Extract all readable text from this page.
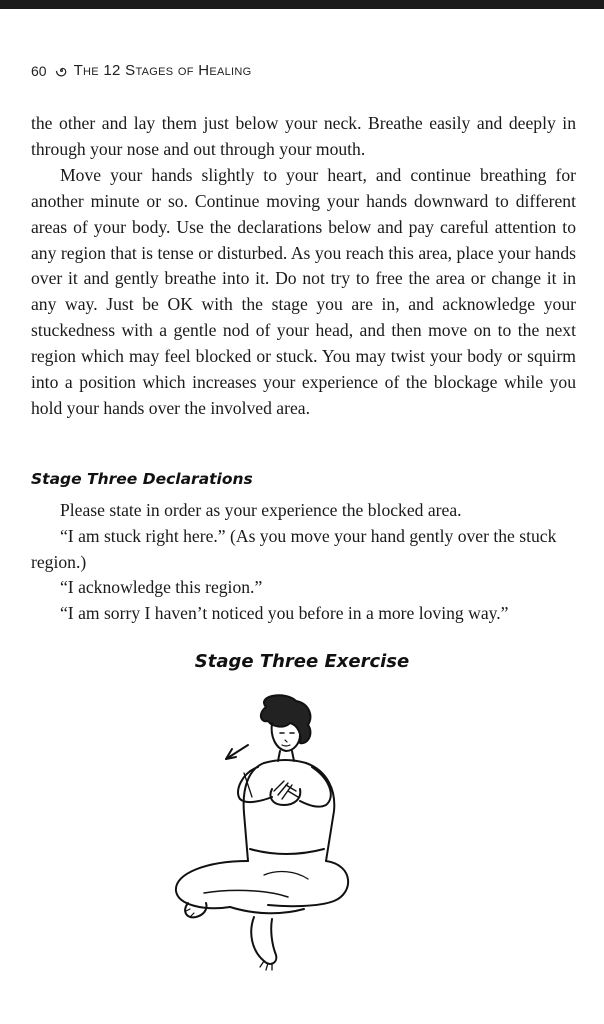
60 The 12 Stages of Healing

the other and lay them just below your neck. Breathe easily and deeply in through your nose and out through your mouth.

Move your hands slightly to your heart, and continue breathing for another minute or so. Continue moving your hands downward to different areas of your body. Use the declarations below and pay careful attention to any region that is tense or disturbed. As you reach this area, place your hands over it and gently breathe into it. Do not try to free the area or change it in any way. Just be OK with the stage you are in, and acknowledge your stuckedness with a gentle nod of your head, and then move on to the next region which may feel blocked or stuck. You may twist your body or squirm into a position which increases your experience of the blockage while you hold your hands over the involved area.

Stage Three Declarations

Please state in order as your experience the blocked area.

“I am stuck right here.” (As you move your hand gently over the stuck region.)

“I acknowledge this region.”

“I am sorry I haven’t noticed you before in a more loving way.”

Stage Three Exercise
